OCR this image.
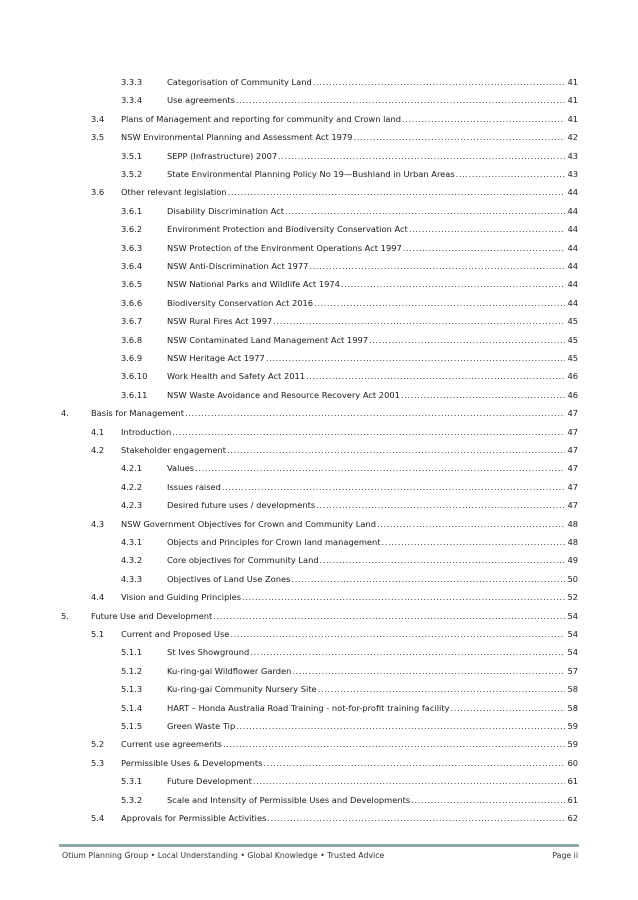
3.3.3	Categorisation of Community Land .....	41
3.3.4	Use agreements .....	41
3.4 Plans of Management and reporting for community and Crown land .....	41
3.5 NSW Environmental Planning and Assessment Act 1979 .....	42
3.5.1	SEPP (Infrastructure) 2007 .....	43
3.5.2	State Environmental Planning Policy No 19—Bushland in Urban Areas .....	43
3.6 Other relevant legislation .....	44
3.6.1	Disability Discrimination Act .....	44
3.6.2	Environment Protection and Biodiversity Conservation Act .....	44
3.6.3	NSW Protection of the Environment Operations Act 1997 .....	44
3.6.4	NSW Anti-Discrimination Act 1977 .....	44
3.6.5	NSW National Parks and Wildlife Act 1974 .....	44
3.6.6	Biodiversity Conservation Act 2016 .....	44
3.6.7	NSW Rural Fires Act 1997 .....	45
3.6.8	NSW Contaminated Land Management Act 1997 .....	45
3.6.9	NSW Heritage Act 1977 .....	45
3.6.10 Work Health and Safety Act 2011 .....	46
3.6.11 NSW Waste Avoidance and Resource Recovery Act 2001 .....	46
4.	Basis for Management .....	47
4.1 Introduction .....	47
4.2 Stakeholder engagement .....	47
4.2.1	Values .....	47
4.2.2	Issues raised .....	47
4.2.3	Desired future uses / developments .....	47
4.3 NSW Government Objectives for Crown and Community Land .....	48
4.3.1	Objects and Principles for Crown land management .....	48
4.3.2	Core objectives for Community Land .....	49
4.3.3	Objectives of Land Use Zones .....	50
4.4 Vision and Guiding Principles .....	52
5.	Future Use and Development .....	54
5.1 Current and Proposed Use .....	54
5.1.1	St Ives Showground .....	54
5.1.2	Ku-ring-gai Wildflower Garden .....	57
5.1.3	Ku-ring-gai Community Nursery Site .....	58
5.1.4	HART – Honda Australia Road Training - not-for-profit training facility .....	58
5.1.5	Green Waste Tip .....	59
5.2 Current use agreements .....	59
5.3 Permissible Uses & Developments .....	60
5.3.1	Future Development .....	61
5.3.2	Scale and Intensity of Permissible Uses and Developments .....	61
5.4 Approvals for Permissible Activities .....	62
Otium Planning Group • Local Understanding • Global Knowledge • Trusted Advice	Page ii
